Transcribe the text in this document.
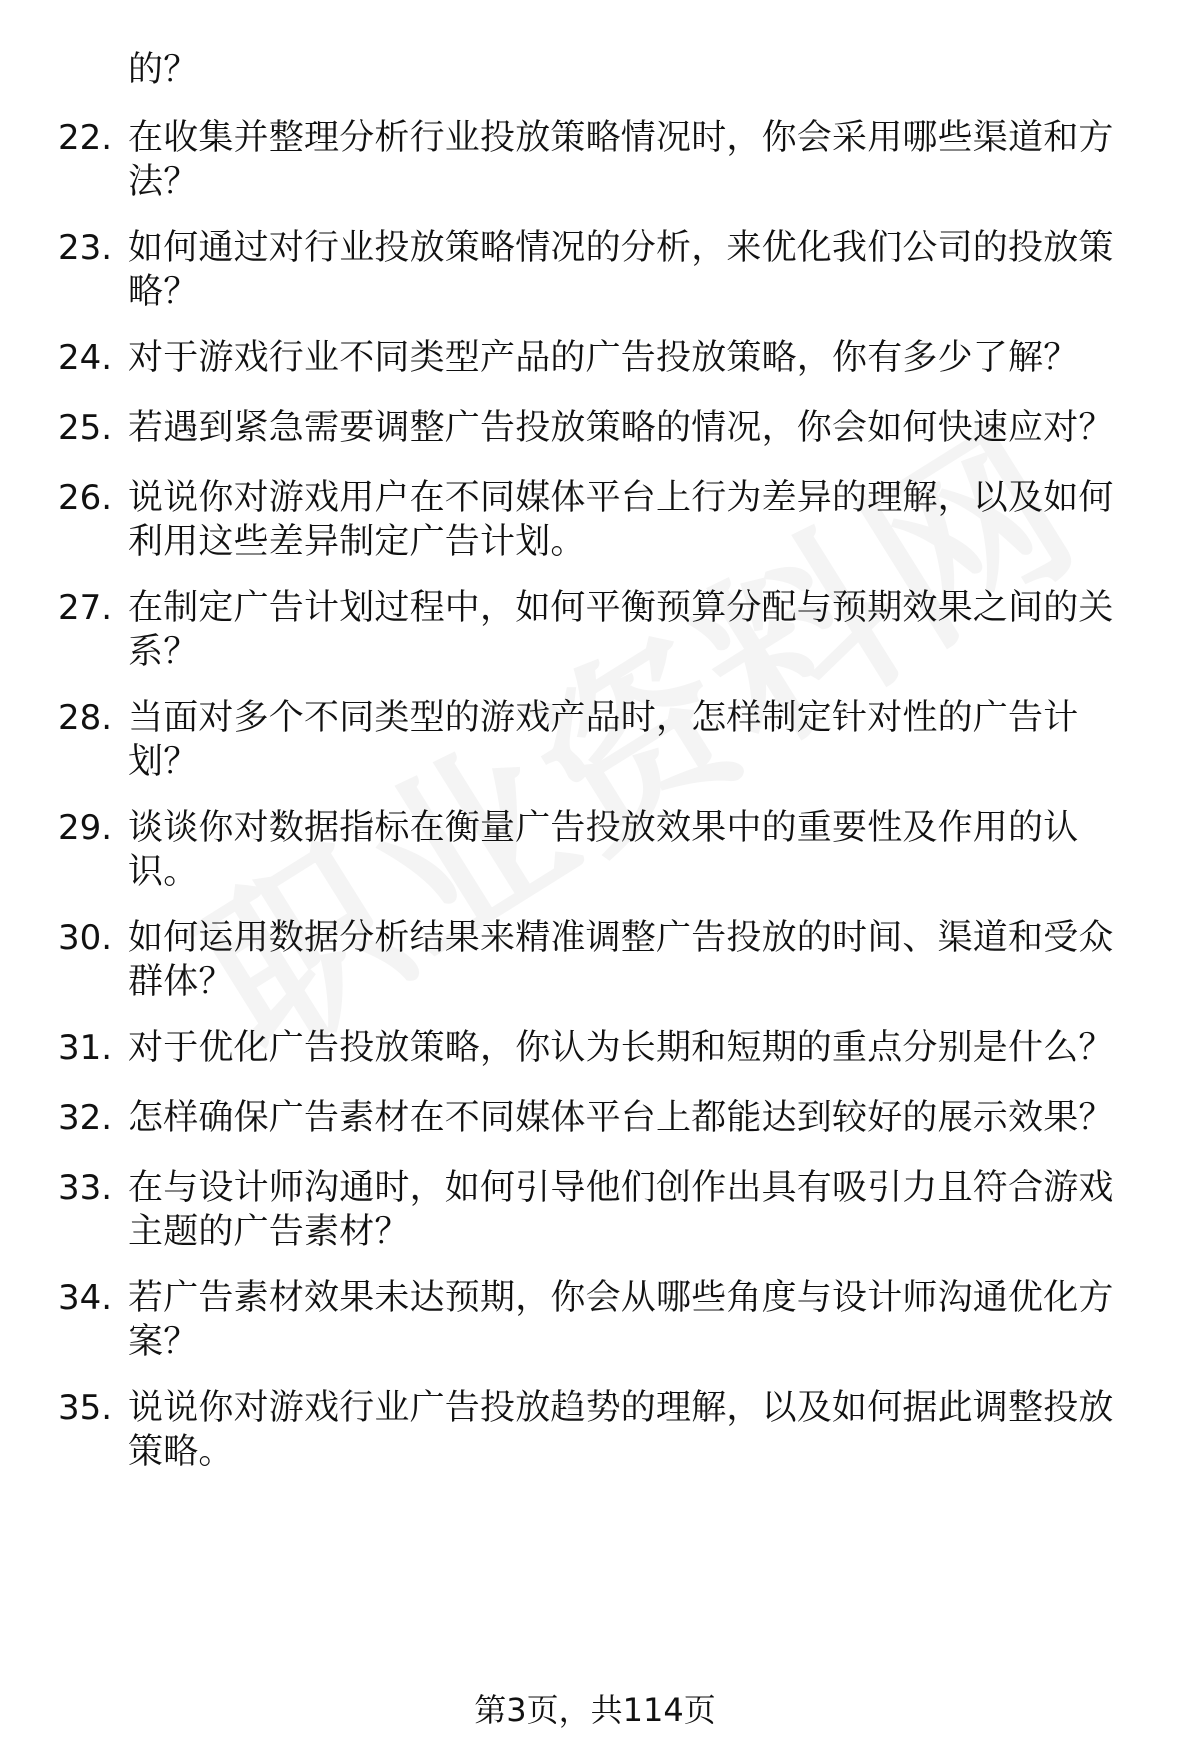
的？
22. 在收集并整理分析行业投放策略情况时，你会采用哪些渠道和方
法？
23. 如何通过对行业投放策略情况的分析，来优化我们公司的投放策
略？
24. 对于游戏行业不同类型产品的广告投放策略，你有多少了解？
25. 若遇到紧急需要调整广告投放策略的情况，你会如何快速应对？
26. 说说你对游戏用户在不同媒体平台上行为差异的理解，以及如何
利用这些差异制定广告计划。
27. 在制定广告计划过程中，如何平衡预算分配与预期效果之间的关
系？
28. 当面对多个不同类型的游戏产品时，怎样制定针对性的广告计
划？
29. 谈谈你对数据指标在衡量广告投放效果中的重要性及作用的认
识。
30. 如何运用数据分析结果来精准调整广告投放的时间、渠道和受众
群体？
31. 对于优化广告投放策略，你认为长期和短期的重点分别是什么？
32. 怎样确保广告素材在不同媒体平台上都能达到较好的展示效果？
33. 在与设计师沟通时，如何引导他们创作出具有吸引力且符合游戏
主题的广告素材？
34. 若广告素材效果未达预期，你会从哪些角度与设计师沟通优化方
案？
35. 说说你对游戏行业广告投放趋势的理解，以及如何据此调整投放
策略。
第3页，共114页
